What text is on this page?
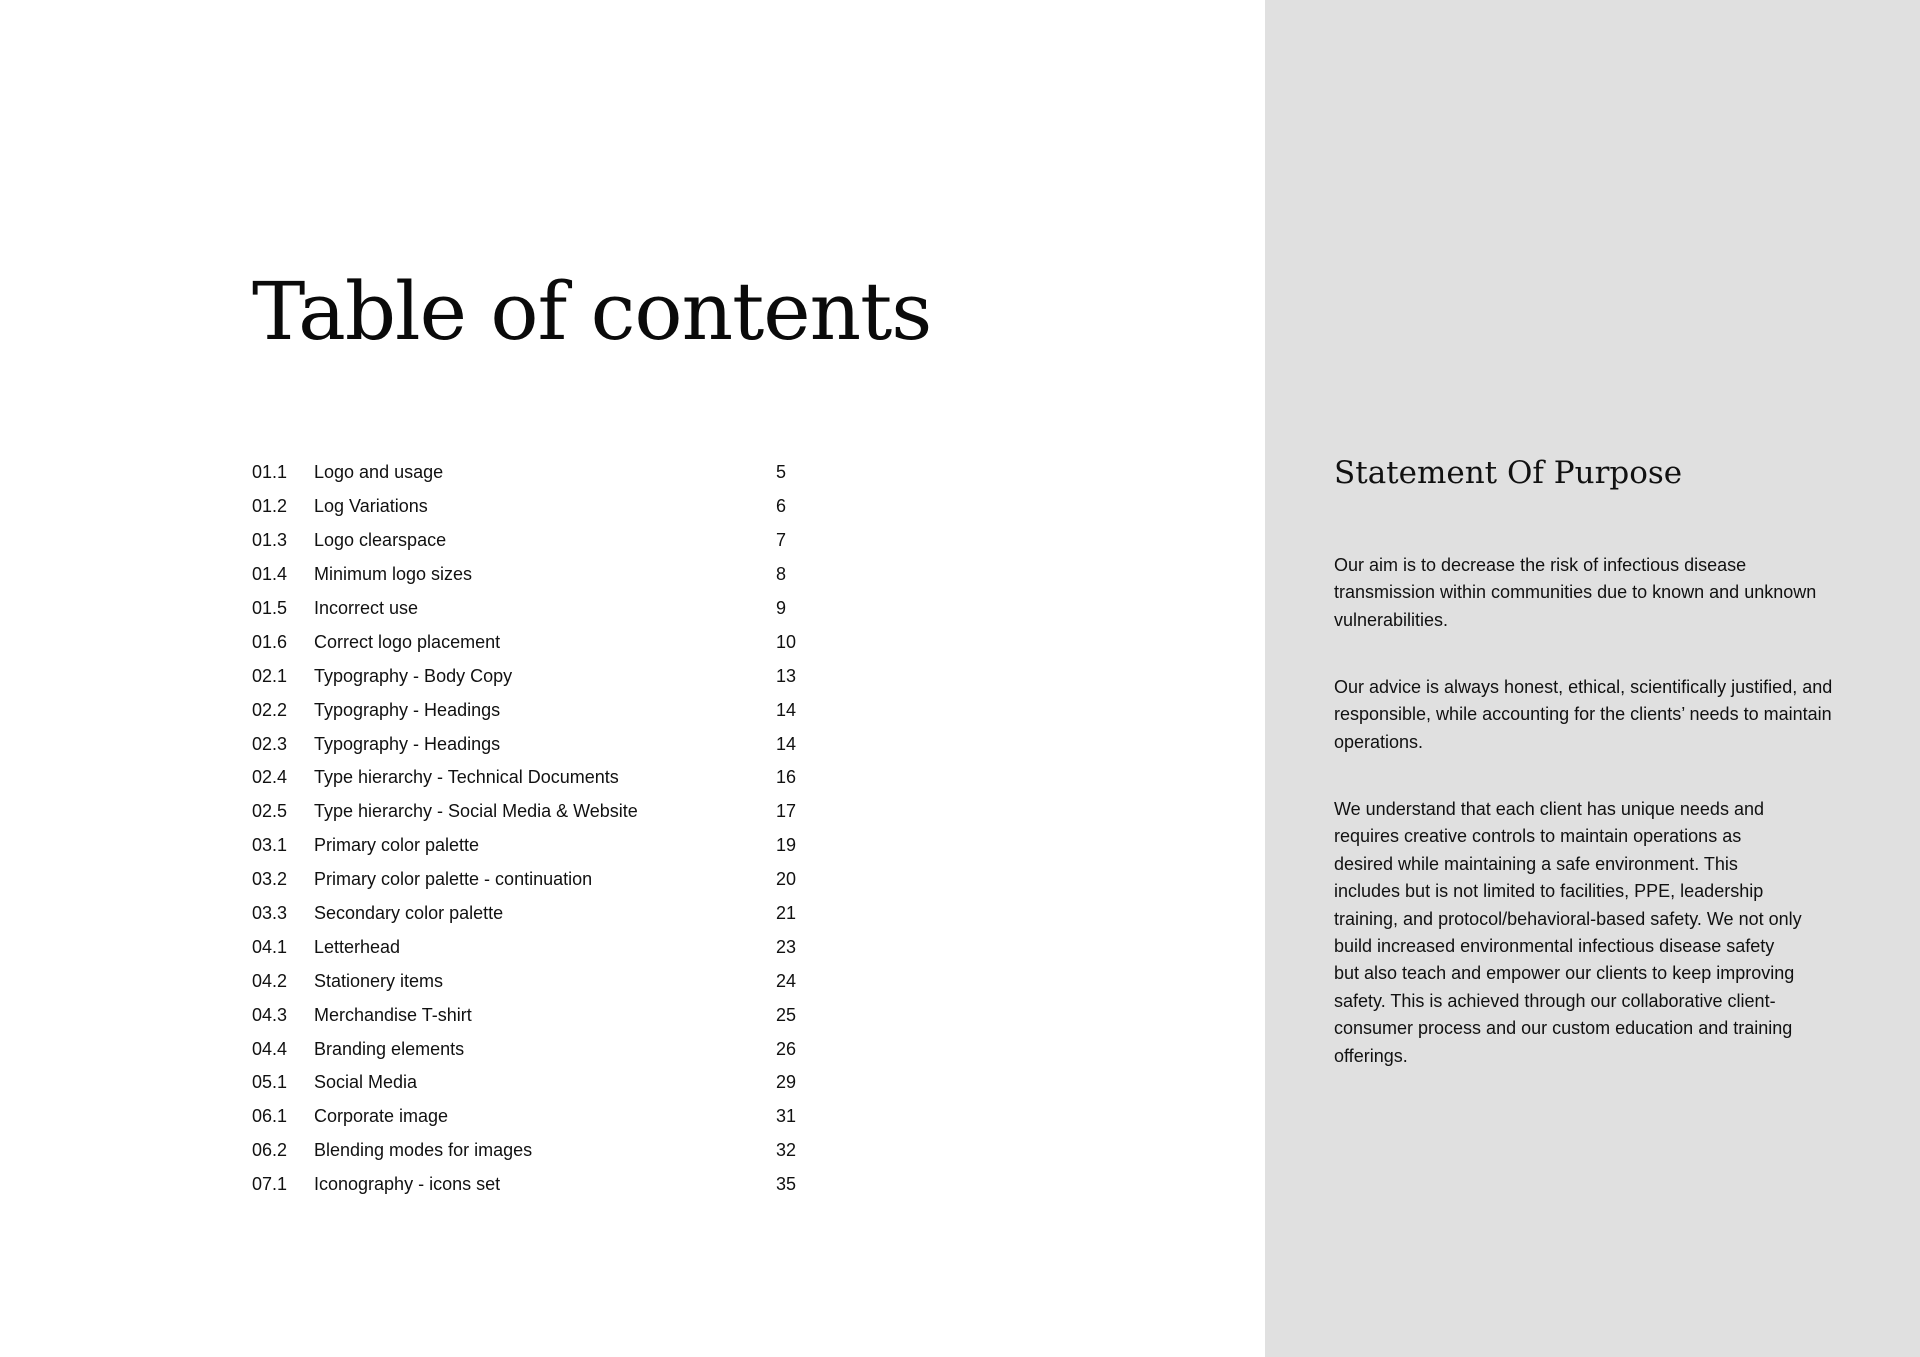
Table of contents
01.1	Logo and usage	5
01.2	Log Variations	6
01.3	Logo clearspace	7
01.4	Minimum logo sizes	8
01.5	Incorrect use	9
01.6	Correct logo placement	10
02.1	Typography - Body Copy	13
02.2	Typography - Headings	14
02.3	Typography - Headings	14
02.4	Type hierarchy - Technical Documents	16
02.5	Type hierarchy - Social Media & Website	17
03.1	Primary color palette	19
03.2	Primary color palette - continuation	20
03.3	Secondary color palette	21
04.1	Letterhead	23
04.2	Stationery items	24
04.3	Merchandise T-shirt	25
04.4	Branding elements	26
05.1	Social Media	29
06.1	Corporate image	31
06.2	Blending modes for images	32
07.1	Iconography - icons set	35
Statement Of Purpose

Our aim is to decrease the risk of infectious disease transmission within communities due to known and unknown vulnerabilities.

Our advice is always honest, ethical, scientifically justified, and responsible, while accounting for the clients’ needs to maintain operations.

We understand that each client has unique needs and requires creative controls to maintain operations as desired while maintaining a safe environment. This includes but is not limited to facilities, PPE, leadership training, and protocol/behavioral-based safety. We not only build increased environmental infectious disease safety but also teach and empower our clients to keep improving safety. This is achieved through our collaborative client-consumer process and our custom education and training offerings.
